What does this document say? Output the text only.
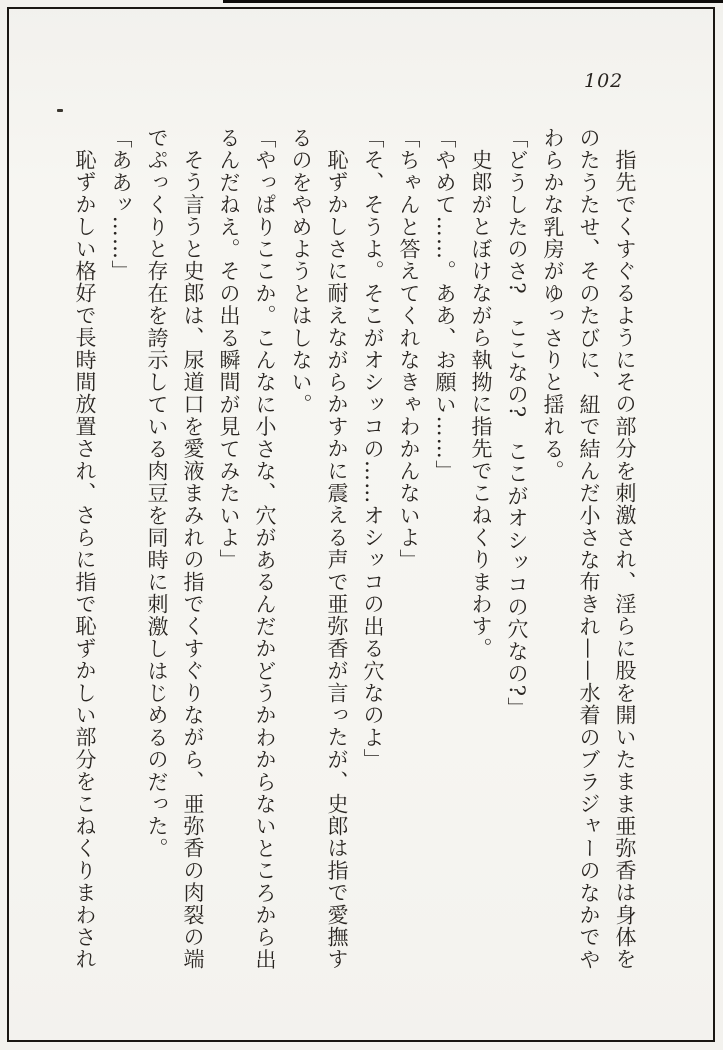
102
指先でくすぐるようにその部分を刺激され、淫らに股を開いたまま亜弥香は身体を
のたうたせ、そのたびに、紐で結んだ小さな布きれ——水着のブラジャーのなかでや
わらかな乳房がゆっさりと揺れる。
「どうしたのさ?　ここなの?　ここがオシッコの穴なの?」
史郎がとぼけながら執拗に指先でこねくりまわす。
「やめて……。ああ、お願い……」
「ちゃんと答えてくれなきゃわかんないよ」
「そ、そうよ。そこがオシッコの……オシッコの出る穴なのよ」
恥ずかしさに耐えながらかすかに震える声で亜弥香が言ったが、史郎は指で愛撫す
るのをやめようとはしない。
「やっぱりここか。こんなに小さな、穴があるんだかどうかわからないところから出
るんだねえ。その出る瞬間が見てみたいよ」
そう言うと史郎は、尿道口を愛液まみれの指でくすぐりながら、亜弥香の肉裂の端
でぷっくりと存在を誇示している肉豆を同時に刺激しはじめるのだった。
「ああッ……」
恥ずかしい格好で長時間放置され、さらに指で恥ずかしい部分をこねくりまわされ
